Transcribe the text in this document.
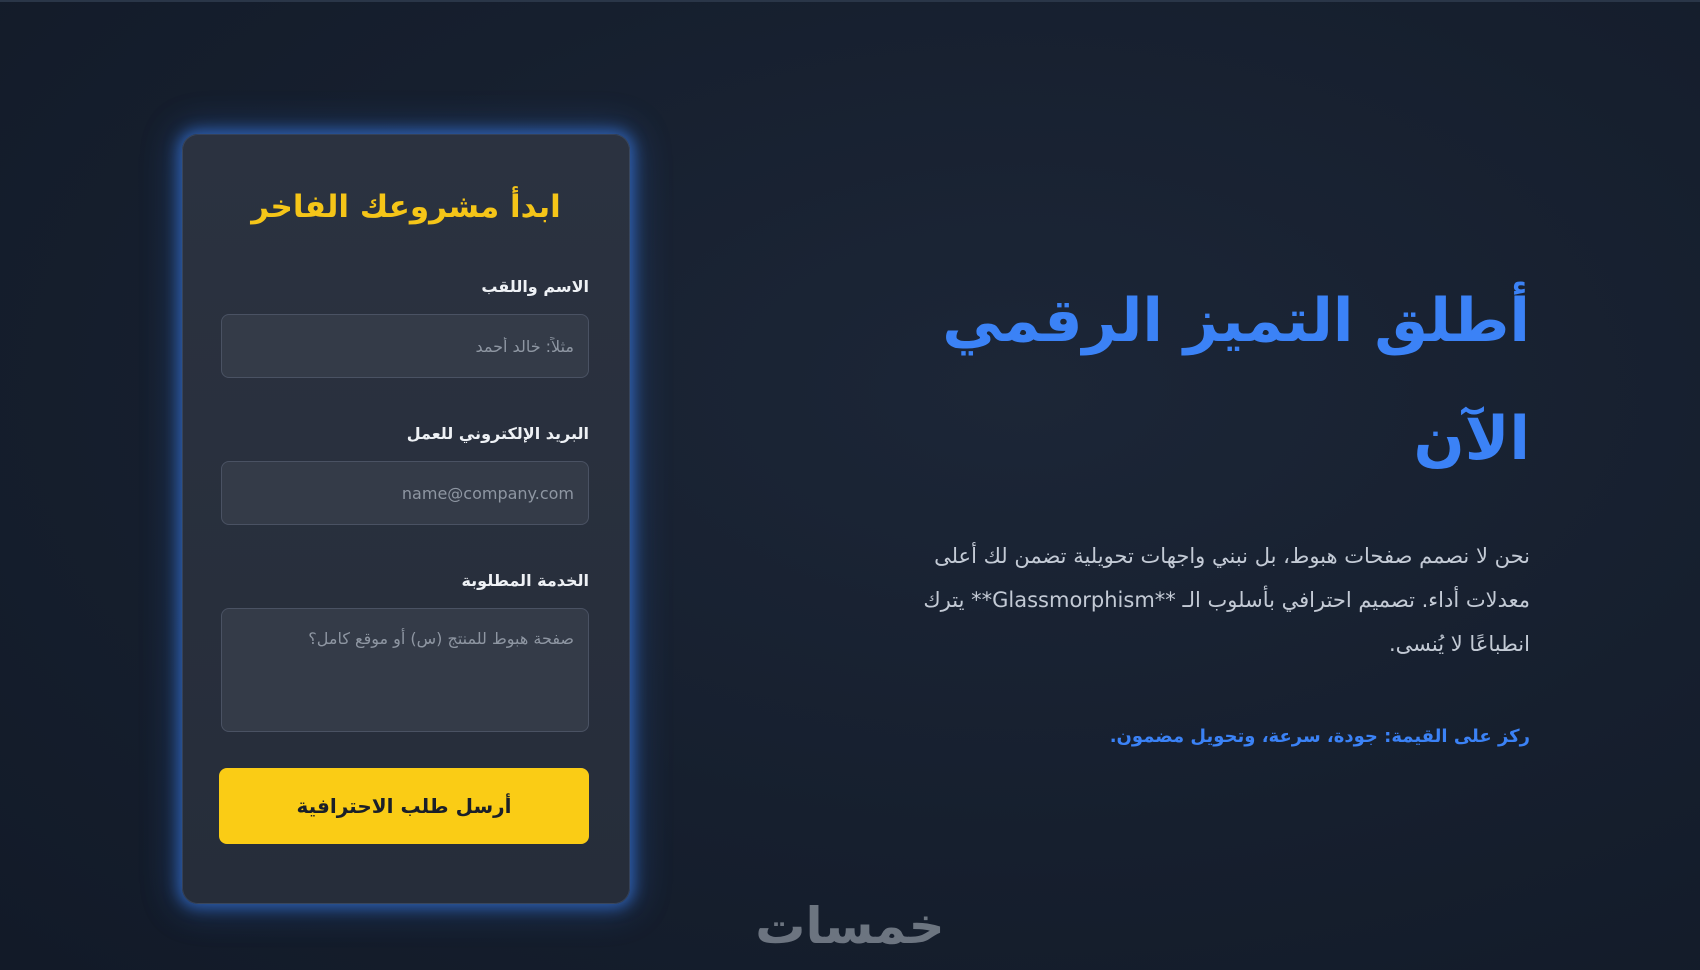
ابدأ مشروعك الفاخر
الاسم واللقب
مثلاً: خالد أحمد
البريد الإلكتروني للعمل
name@company.com
الخدمة المطلوبة
صفحة هبوط للمنتج (س) أو موقع كامل؟
أرسل طلب الاحترافية
أطلق التميز الرقمي الآن

نحن لا نصمم صفحات هبوط، بل نبني واجهات تحويلية تضمن لك أعلى معدلات أداء. تصميم احترافي بأسلوب الـ **Glassmorphism** يترك انطباعًا لا يُنسى.

ركز على القيمة: جودة، سرعة، وتحويل مضمون.

خمسات
